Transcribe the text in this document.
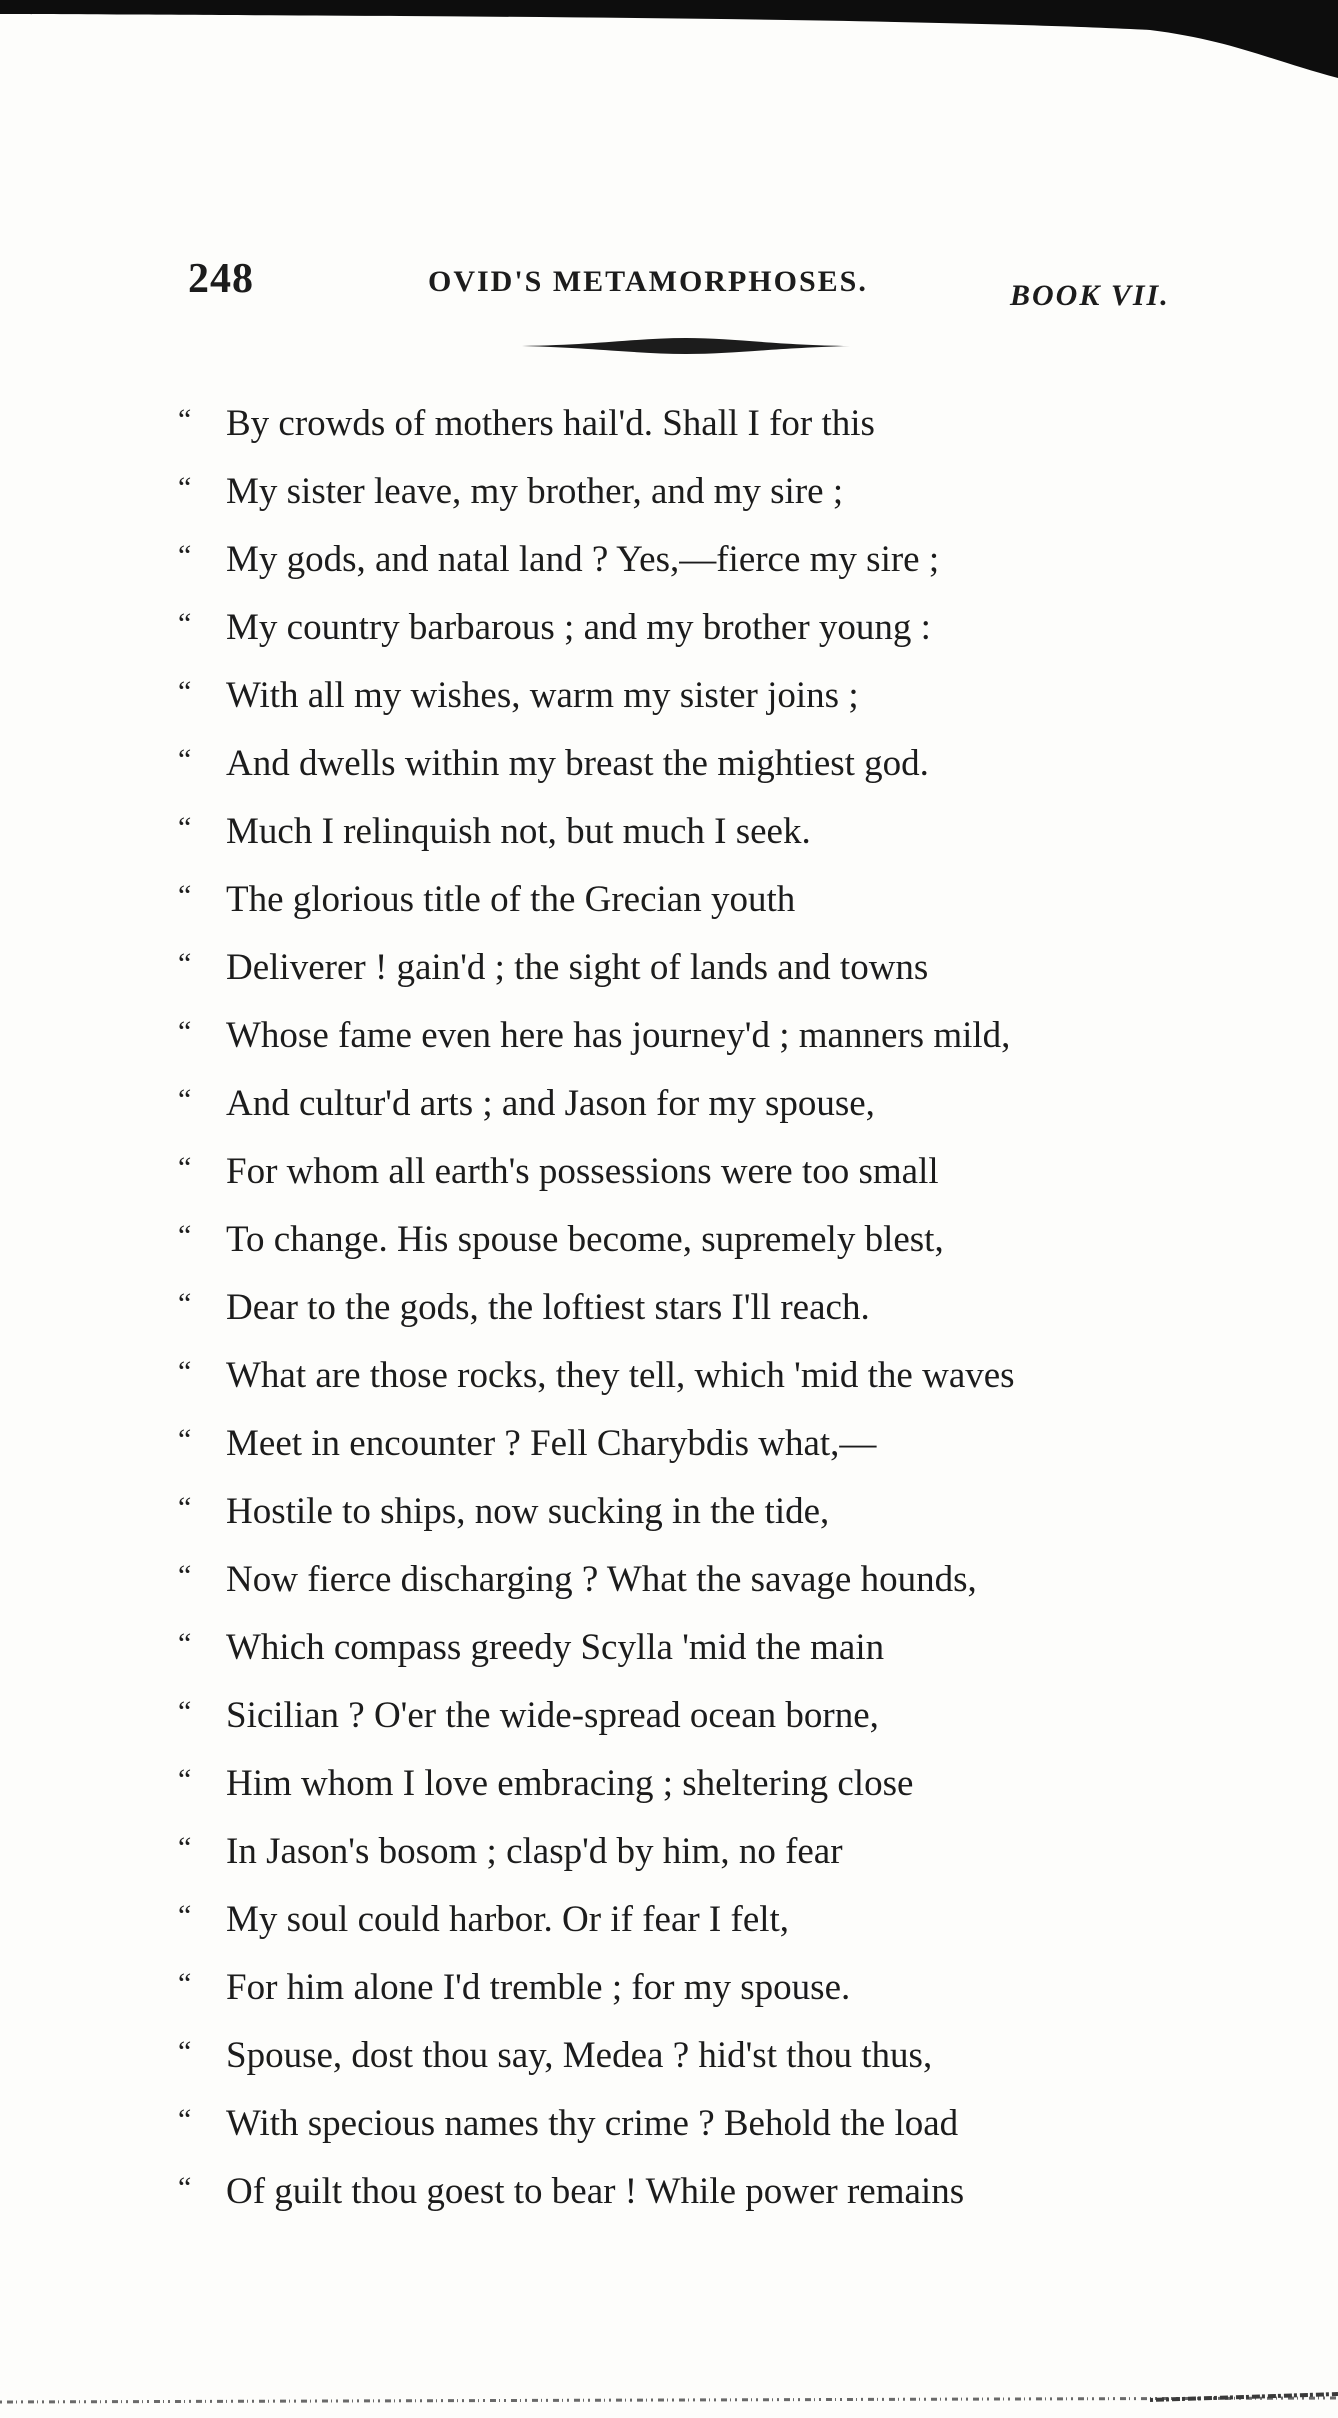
248	OVID'S METAMORPHOSES.	BOOK VII.
“ By crowds of mothers hail'd. Shall I for this
“ My sister leave, my brother, and my sire ;
“ My gods, and natal land ? Yes,—fierce my sire ;
“ My country barbarous ; and my brother young :
“ With all my wishes, warm my sister joins ;
“ And dwells within my breast the mightiest god.
“ Much I relinquish not, but much I seek.
“ The glorious title of the Grecian youth
“ Deliverer ! gain'd ; the sight of lands and towns
“ Whose fame even here has journey'd ; manners mild,
“ And cultur'd arts ; and Jason for my spouse,
“ For whom all earth's possessions were too small
“ To change. His spouse become, supremely blest,
“ Dear to the gods, the loftiest stars I'll reach.
“ What are those rocks, they tell, which 'mid the waves
“ Meet in encounter ? Fell Charybdis what,—
“ Hostile to ships, now sucking in the tide,
“ Now fierce discharging ? What the savage hounds,
“ Which compass greedy Scylla 'mid the main
“ Sicilian ? O'er the wide-spread ocean borne,
“ Him whom I love embracing ; sheltering close
“ In Jason's bosom ; clasp'd by him, no fear
“ My soul could harbor. Or if fear I felt,
“ For him alone I'd tremble ; for my spouse.
“ Spouse, dost thou say, Medea ? hid'st thou thus,
“ With specious names thy crime ? Behold the load
“ Of guilt thou goest to bear ! While power remains
